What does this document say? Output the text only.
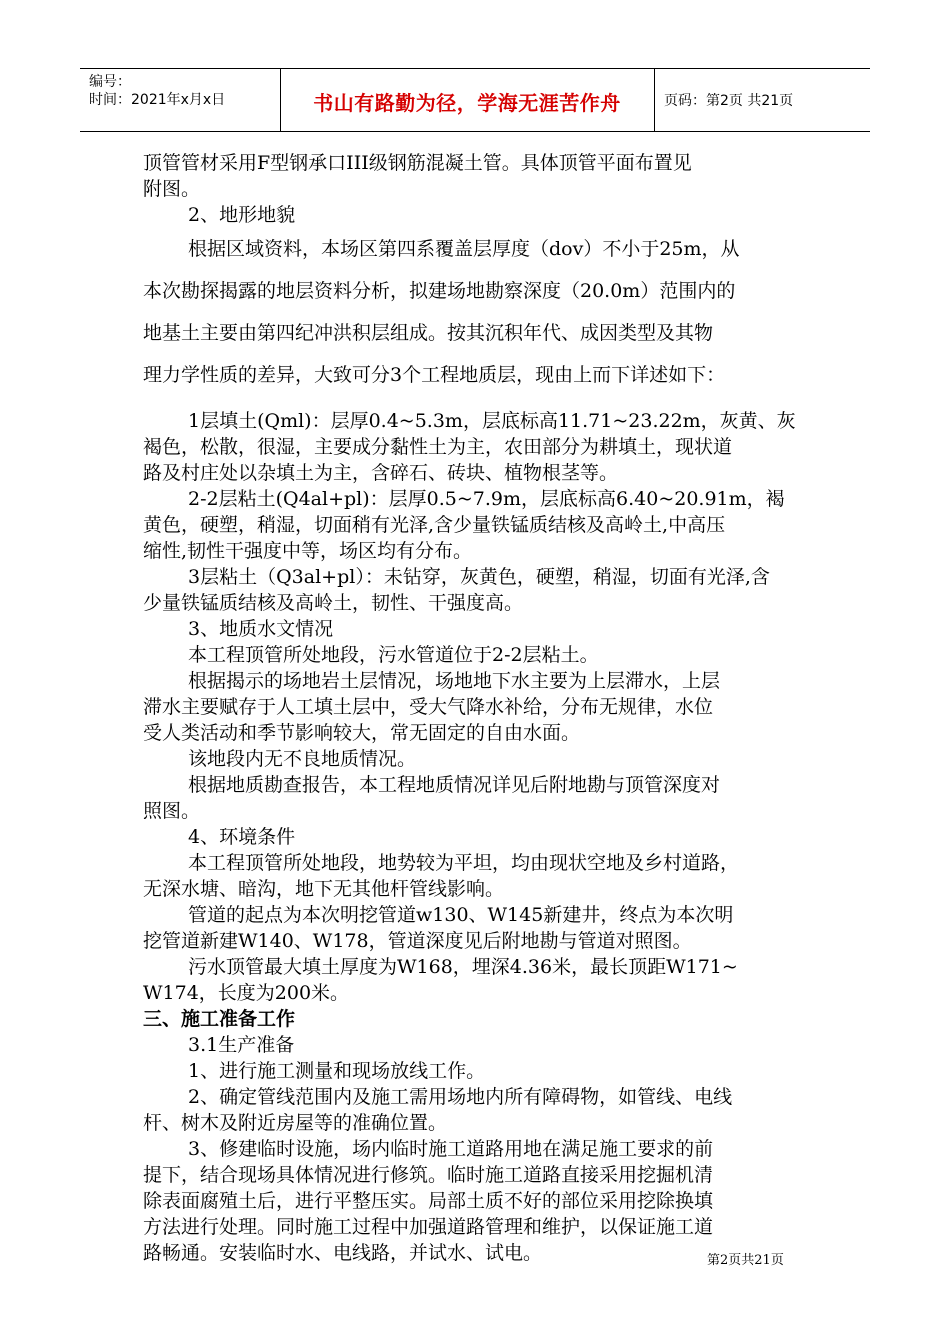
编号：
时间：2021年x月x日	书山有路勤为径，学海无涯苦作舟	页码：第2页 共21页

顶管管材采用F型钢承口III级钢筋混凝土管。具体顶管平面布置见

附图。

2、地形地貌

根据区域资料，本场区第四系覆盖层厚度（dov）不小于25m，从

本次勘探揭露的地层资料分析，拟建场地勘察深度（20.0m）范围内的

地基土主要由第四纪冲洪积层组成。按其沉积年代、成因类型及其物

理力学性质的差异，大致可分3个工程地质层，现由上而下详述如下：

1层填土(Qml)：层厚0.4~5.3m，层底标高11.71~23.22m，灰黄、灰

褐色，松散，很湿，主要成分黏性土为主，农田部分为耕填土，现状道

路及村庄处以杂填土为主，含碎石、砖块、植物根茎等。

2-2层粘土(Q4al+pl)：层厚0.5~7.9m，层底标高6.40~20.91m，褐

黄色，硬塑，稍湿，切面稍有光泽,含少量铁锰质结核及高岭土,中高压

缩性,韧性干强度中等，场区均有分布。

3层粘土（Q3al+pl）：未钻穿，灰黄色，硬塑，稍湿，切面有光泽,含

少量铁锰质结核及高岭土，韧性、干强度高。

3、地质水文情况

本工程顶管所处地段，污水管道位于2-2层粘土。

根据揭示的场地岩土层情况，场地地下水主要为上层滞水，上层

滞水主要赋存于人工填土层中，受大气降水补给，分布无规律，水位

受人类活动和季节影响较大，常无固定的自由水面。

该地段内无不良地质情况。

根据地质勘查报告，本工程地质情况详见后附地勘与顶管深度对

照图。

4、环境条件

本工程顶管所处地段，地势较为平坦，均由现状空地及乡村道路，

无深水塘、暗沟，地下无其他杆管线影响。

管道的起点为本次明挖管道w130、W145新建井，终点为本次明

挖管道新建W140、W178，管道深度见后附地勘与管道对照图。

污水顶管最大填土厚度为W168，埋深4.36米，最长顶距W171~

W174，长度为200米。

三、施工准备工作

3.1生产准备

1、进行施工测量和现场放线工作。

2、确定管线范围内及施工需用场地内所有障碍物，如管线、电线

杆、树木及附近房屋等的准确位置。

3、修建临时设施，场内临时施工道路用地在满足施工要求的前

提下，结合现场具体情况进行修筑。临时施工道路直接采用挖掘机清

除表面腐殖土后，进行平整压实。局部土质不好的部位采用挖除换填

方法进行处理。同时施工过程中加强道路管理和维护，以保证施工道

路畅通。安装临时水、电线路，并试水、试电。	第2页共21页
